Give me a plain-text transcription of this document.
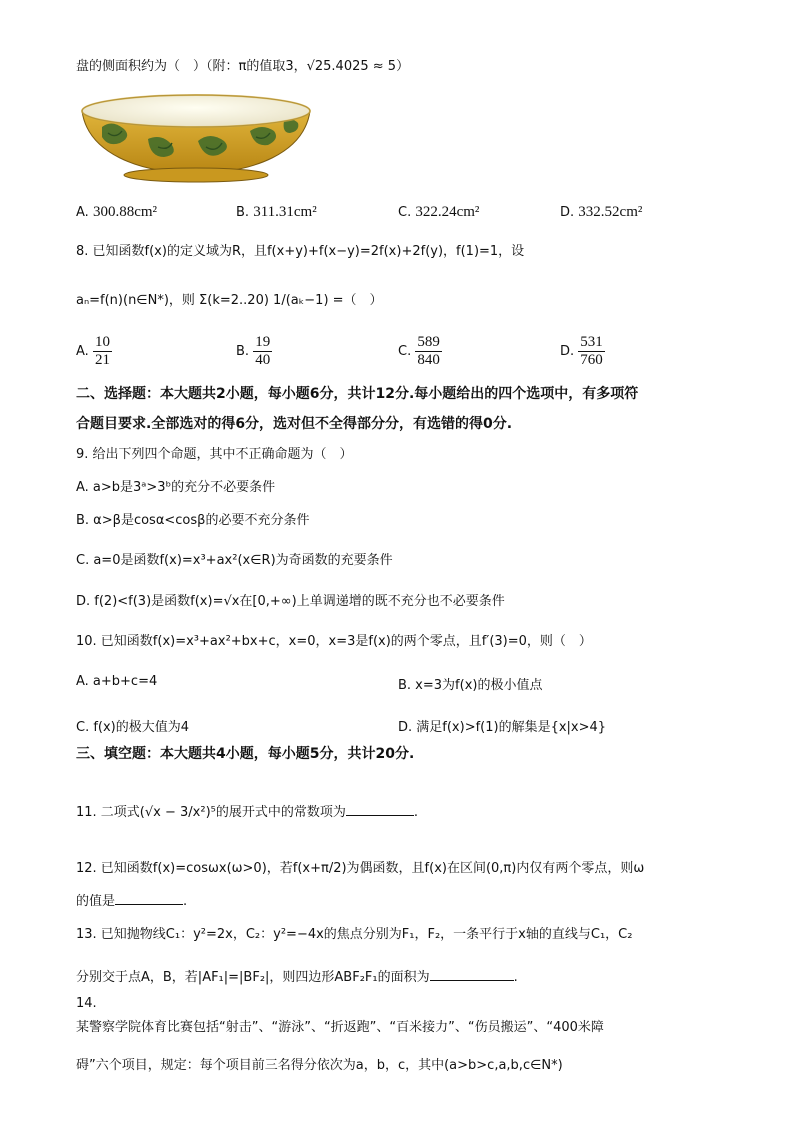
盘的侧面积约为（　）（附：π的值取3，√25.4025 ≈ 5）
A. 300.88cm²	B. 311.31cm²	C. 322.24cm²	D. 332.52cm²
8. 已知函数f(x)的定义域为R，且f(x+y)+f(x−y)=2f(x)+2f(y)，f(1)=1，设
aₙ=f(n)(n∈N*)，则 Σ(k=2..20) 1/(aₖ−1) =（　）
A. $\frac{10}{21}$	B. $\frac{19}{40}$	C. $\frac{589}{840}$	D. $\frac{531}{760}$
二、选择题：本大题共2小题，每小题6分，共计12分.每小题给出的四个选项中，有多项符
合题目要求.全部选对的得6分，选对但不全得部分分，有选错的得0分.
9. 给出下列四个命题，其中不正确命题为（　）
A. a>b是3ᵃ>3ᵇ的充分不必要条件
B. α>β是cosα<cosβ的必要不充分条件
C. a=0是函数f(x)=x³+ax²(x∈R)为奇函数的充要条件
D. f(2)<f(3)是函数f(x)=√x在[0,+∞)上单调递增的既不充分也不必要条件
10. 已知函数f(x)=x³+ax²+bx+c，x=0，x=3是f(x)的两个零点，且f′(3)=0，则（　）
A. a+b+c=4	B. x=3为f(x)的极小值点
C. f(x)的极大值为4	D. 满足f(x)>f(1)的解集是{x|x>4}
三、填空题：本大题共4小题，每小题5分，共计20分.
11. 二项式(√x − 3/x²)⁵的展开式中的常数项为	.
12. 已知函数f(x)=cosωx(ω>0)，若f(x+π/2)为偶函数，且f(x)在区间(0,π)内仅有两个零点，则ω
的值是	.
13. 已知抛物线C₁：y²=2x，C₂：y²=−4x的焦点分别为F₁，F₂，一条平行于x轴的直线与C₁，C₂
分别交于点A，B，若|AF₁|=|BF₂|，则四边形ABF₂F₁的面积为	.
14.
某警察学院体育比赛包括“射击”、“游泳”、“折返跑”、“百米接力”、“伤员搬运”、“400米障
碍”六个项目，规定：每个项目前三名得分依次为a，b，c，其中(a>b>c,a,b,c∈N*)
